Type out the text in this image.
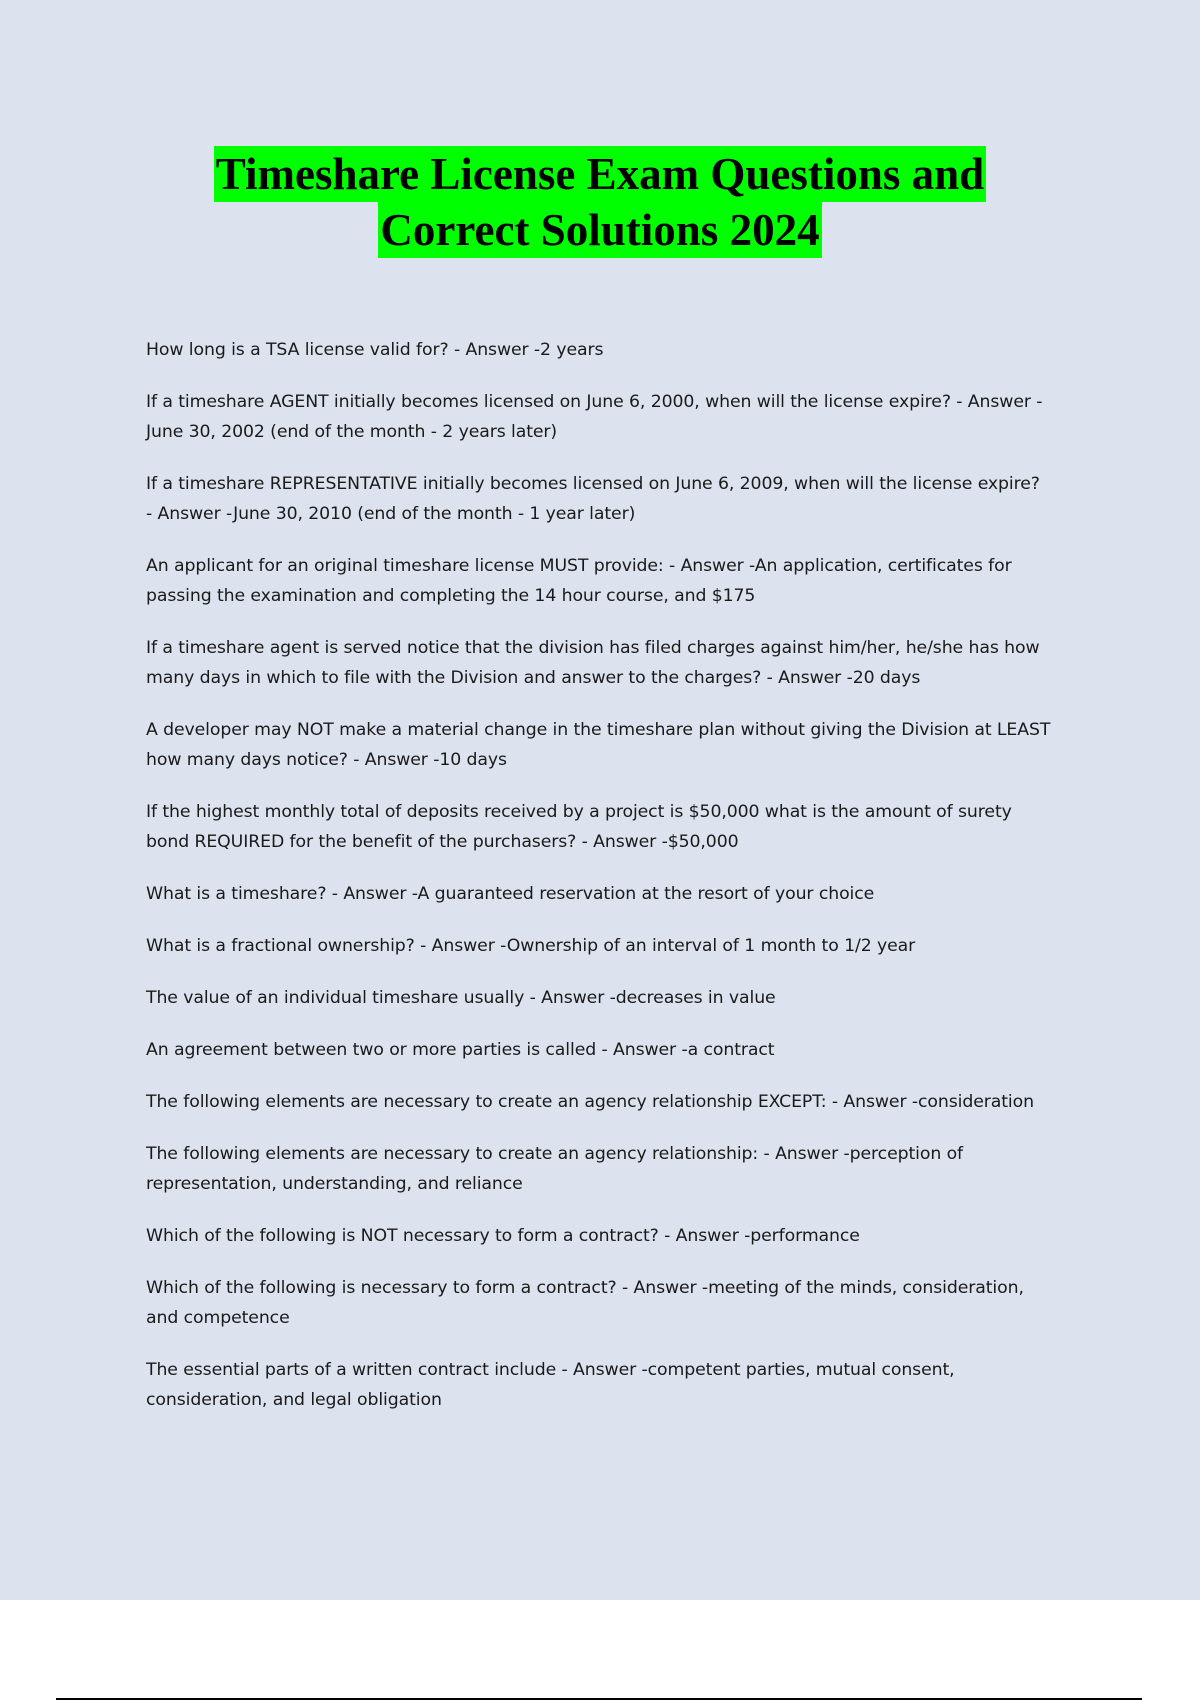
Timeshare License Exam Questions and
Correct Solutions 2024
How long is a TSA license valid for? - Answer -2 years
If a timeshare AGENT initially becomes licensed on June 6, 2000, when will the license expire? - Answer -
June 30, 2002 (end of the month - 2 years later)
If a timeshare REPRESENTATIVE initially becomes licensed on June 6, 2009, when will the license expire?
- Answer -June 30, 2010 (end of the month - 1 year later)
An applicant for an original timeshare license MUST provide: - Answer -An application, certificates for
passing the examination and completing the 14 hour course, and $175
If a timeshare agent is served notice that the division has filed charges against him/her, he/she has how
many days in which to file with the Division and answer to the charges? - Answer -20 days
A developer may NOT make a material change in the timeshare plan without giving the Division at LEAST
how many days notice? - Answer -10 days
If the highest monthly total of deposits received by a project is $50,000 what is the amount of surety
bond REQUIRED for the benefit of the purchasers? - Answer -$50,000
What is a timeshare? - Answer -A guaranteed reservation at the resort of your choice
What is a fractional ownership? - Answer -Ownership of an interval of 1 month to 1/2 year
The value of an individual timeshare usually - Answer -decreases in value
An agreement between two or more parties is called - Answer -a contract
The following elements are necessary to create an agency relationship EXCEPT: - Answer -consideration
The following elements are necessary to create an agency relationship: - Answer -perception of
representation, understanding, and reliance
Which of the following is NOT necessary to form a contract? - Answer -performance
Which of the following is necessary to form a contract? - Answer -meeting of the minds, consideration,
and competence
The essential parts of a written contract include - Answer -competent parties, mutual consent,
consideration, and legal obligation
